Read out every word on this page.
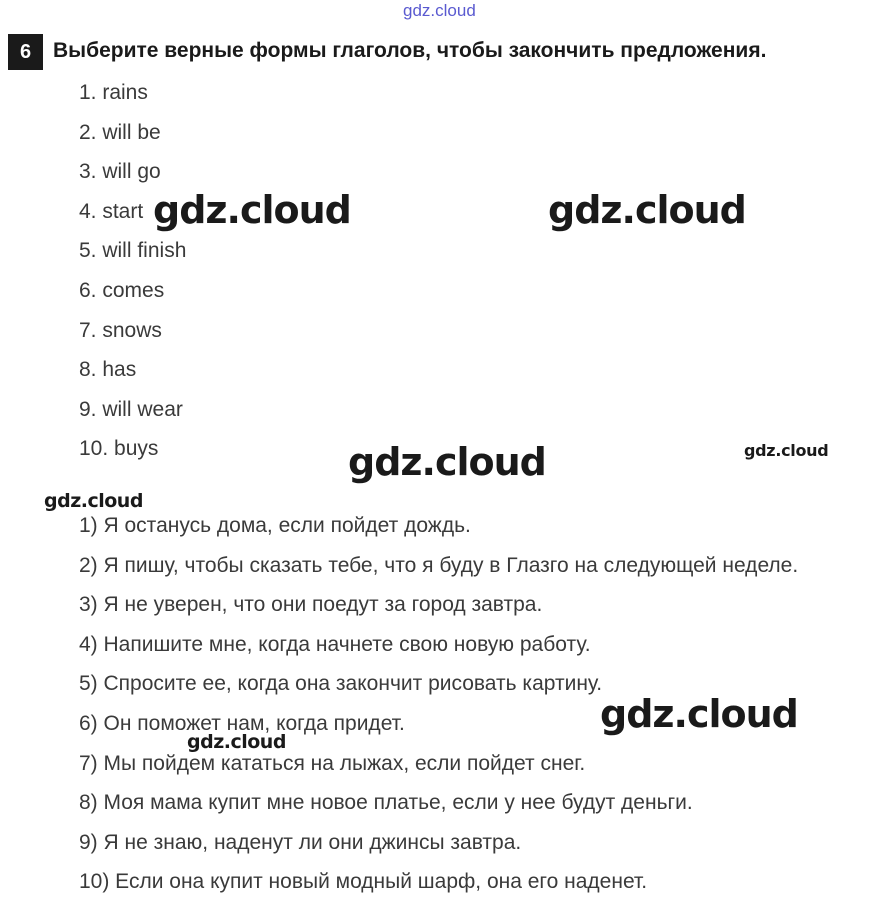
gdz.cloud
6	Выберите верные формы глаголов, чтобы закончить предложения.
1. rains
2. will be
3. will go
4. start
5. will finish
6. comes
7. snows
8. has
9. will wear
10. buys
1) Я останусь дома, если пойдет дождь.
2) Я пишу, чтобы сказать тебе, что я буду в Глазго на следующей неделе.
3) Я не уверен, что они поедут за город завтра.
4) Напишите мне, когда начнете свою новую работу.
5) Спросите ее, когда она закончит рисовать картину.
6) Он поможет нам, когда придет.
7) Мы пойдем кататься на лыжах, если пойдет снег.
8) Моя мама купит мне новое платье, если у нее будут деньги.
9) Я не знаю, наденут ли они джинсы завтра.
10) Если она купит новый модный шарф, она его наденет.
gdz.cloud	gdz.cloud
gdz.cloud	gdz.cloud
gdz.cloud
gdz.cloud
gdz.cloud
